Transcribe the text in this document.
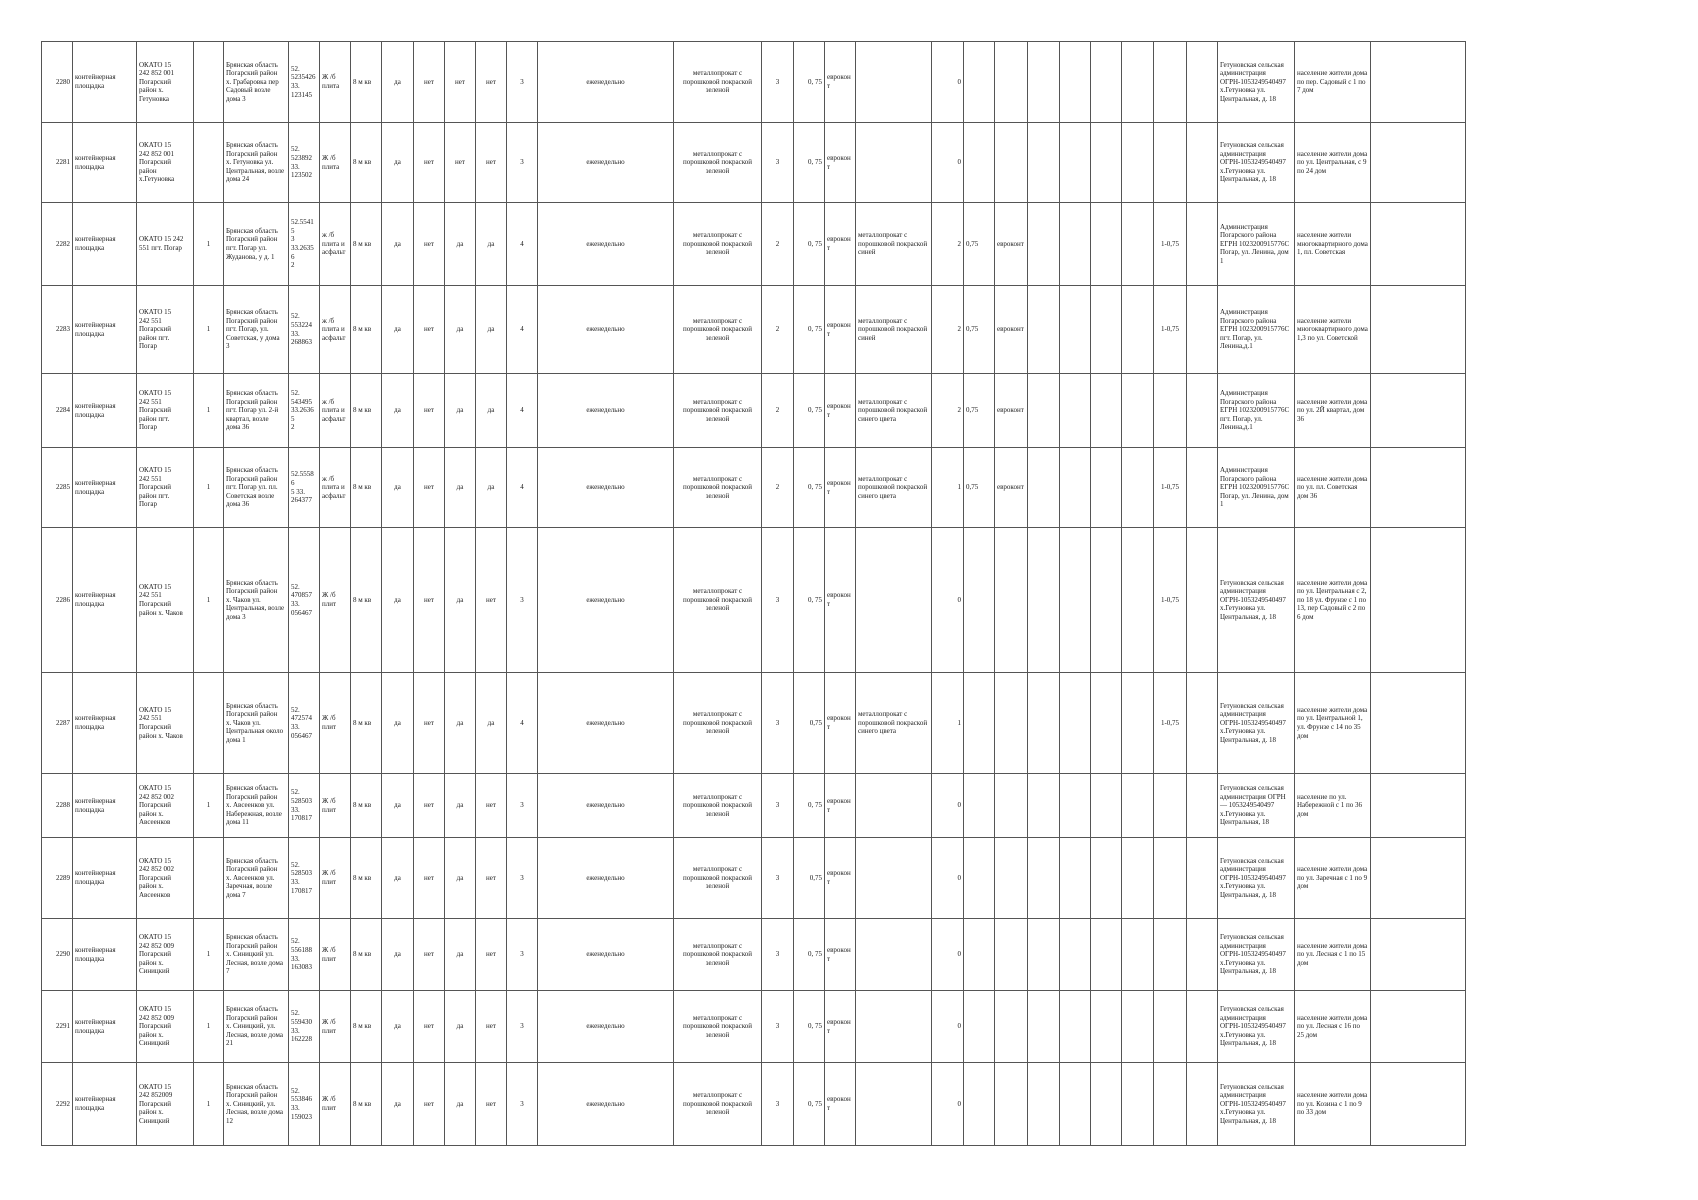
2280	контейнерная площадка	ОКАТО 15
242 852 001
Погарский
район х.
Гетуновка		Брянская область
Погарский район
х. Грабаровка пер
Садовый возле
дома 3	52.
5235426
33.
123145	Ж /б
плита	8 м кв	да	нет	нет	нет	3	еженедельно	металлопрокат с порошковой покраской зеленой	3	0, 75	евроконт		0									Гетуновская сельская администрация ОГРН-1053249540497 х.Гетуновка ул. Центральная, д. 18	население жители дома по пер. Садовый с 1 по 7 дом	
2281	контейнерная площадка	ОКАТО 15
242 852 001
Погарский
район
х.Гетуновка		Брянская область
Погарский район
х. Гетуновка ул.
Центральная, возле
дома 24	52.
523892
33.
123502	Ж /б
плита	8 м кв	да	нет	нет	нет	3	еженедельно	металлопрокат с порошковой покраской зеленой	3	0, 75	евроконт		0									Гетуновская сельская администрация ОГРН-1053249540497 х.Гетуновка ул. Центральная, д. 18	население жители дома по ул. Центральная, с 9 по 24 дом	
2282	контейнерная площадка	ОКАТО 15 242
551 пгт. Погар	1	Брянская область
Погарский район
пгт. Погар ул.
Жуданова, у д. 1	52.55415
3
33.26356
2	ж /б
плита и
асфальт	8 м кв	да	нет	да	да	4	еженедельно	металлопрокат с порошковой покраской зеленой	2	0, 75	евроконт	металлопрокат с порошковой покраской синей	2	0,75	евроконт					1-0,75		Администрация Погарского района ЕГРН 1023200915776С Погар, ул. Ленина, дом 1	население жители многоквартирного дома 1, пл. Советская	
2283	контейнерная площадка	ОКАТО 15
242 551
Погарский
район пгт.
Погар	1	Брянская область
Погарский район
пгт. Погар, ул.
Советская, у дома
3	52.
553224
33.
268863	ж /б
плита и
асфальт	8 м кв	да	нет	да	да	4	еженедельно	металлопрокат с порошковой покраской зеленой	2	0, 75	евроконт	металлопрокат с порошковой покраской синей	2	0,75	евроконт					1-0,75		Администрация Погарского района ЕГРН 1023200915776С пгт. Погар, ул. Ленина,д.1	население жители многоквартирного дома 1,3 по ул. Советской	
2284	контейнерная площадка	ОКАТО 15
242 551
Погарский
район пгт.
Погар	1	Брянская область
Погарский район
пгт. Погар ул. 2-й
квартал, возле
дома 36	52.
543495
33.26365
2	ж /б
плита и
асфальт	8 м кв	да	нет	да	да	4	еженедельно	металлопрокат с порошковой покраской зеленой	2	0, 75	евроконт	металлопрокат с порошковой покраской синего цвета	2	0,75	евроконт							Администрация Погарского района ЕГРН 1023200915776С пгт. Погар, ул. Ленина,д.1	население жители дома по ул. 2Й квартал, дом 36	
2285	контейнерная площадка	ОКАТО 15
242 551
Погарский
район пгт.
Погар	1	Брянская область
Погарский район
пгт. Погар ул. пл.
Советская возле
дома 36	52.55586
5 33.
264377	ж /б
плита и
асфальт	8 м кв	да	нет	да	да	4	еженедельно	металлопрокат с порошковой покраской зеленой	2	0, 75	евроконт	металлопрокат с порошковой покраской синего цвета	1	0,75	евроконт					1-0,75		Администрация Погарского района ЕГРН 1023200915776С Погар, ул. Ленина, дом 1	население жители дома по ул. пл. Советская дом 36	
2286	контейнерная площадка	ОКАТО 15
242 551
Погарский
район х. Чаков	1	Брянская область
Погарский район
х. Чаков ул.
Центральная, возле
дома 3	52.
470857
33.
056467	Ж /б плит	8 м кв	да	нет	да	нет	3	еженедельно	металлопрокат с порошковой покраской зеленой	3	0, 75	евроконт		0							1-0,75		Гетуновская сельская администрация ОГРН-1053249540497 х.Гетуновка ул. Центральная, д. 18	население жители дома по ул. Центральная с 2, по 18 ул. Фрунзе с 1 по 13, пер Садовый с 2 по 6 дом	
2287	контейнерная площадка	ОКАТО 15
242 551
Погарский
район х. Чаков		Брянская область
Погарский район
х. Чаков ул.
Центральная около
дома 1	52.
472574
33.
056467	Ж /б плит	8 м кв	да	нет	да	да	4	еженедельно	металлопрокат с порошковой покраской зеленой	3	0,75	евроконт	металлопрокат с порошковой покраской синего цвета	1							1-0,75		Гетуновская сельская администрация ОГРН-1053249540497 х.Гетуновка ул. Центральная, д. 18	население жители дома по ул. Центральной 1, ул. Фрунзе с 14 по 35 дом	
2288	контейнерная площадка	ОКАТО 15
242 852 002
Погарский
район х.
Авсеенков	1	Брянская область
Погарский район
х. Авсеенков ул.
Набережная, возле
дома 11	52.
528503
33.
170817	Ж /б плит	8 м кв	да	нет	да	нет	3	еженедельно	металлопрокат с порошковой покраской зеленой	3	0, 75	евроконт		0									Гетуновская сельская администрация ОГРН — 1053249540497 х.Гетуновка ул. Центральная, 18	население по ул. Набережной с 1 по 36 дом	
2289	контейнерная площадка	ОКАТО 15
242 852 002
Погарский
район х.
Авсеенков		Брянская область
Погарский район
х. Авсеенков ул.
Заречная, возле
дома 7	52.
528503
33.
170817	Ж /б плит	8 м кв	да	нет	да	нет	3	еженедельно	металлопрокат с порошковой покраской зеленой	3	0,75	евроконт		0									Гетуновская сельская администрация ОГРН-1053249540497 х.Гетуновка ул. Центральная, д. 18	население жители дома по ул. Заречная с 1 по 9 дом	
2290	контейнерная площадка	ОКАТО 15
242 852 009
Погарский
район х.
Синицкий	1	Брянская область
Погарский район
х. Синицкий ул.
Лесная, возле дома
7	52.
556188
33.
163083	Ж /б плит	8 м кв	да	нет	да	нет	3	еженедельно	металлопрокат с порошковой покраской зеленой	3	0, 75	евроконт		0									Гетуновская сельская администрация ОГРН-1053249540497 х.Гетуновка ул. Центральная, д. 18	население жители дома по ул. Лесная с 1 по 15 дом	
2291	контейнерная площадка	ОКАТО 15
242 852 009
Погарский
район х.
Синицкий	1	Брянская область
Погарский район
х. Синицкий, ул.
Лесная, возле дома
21	52.
559430
33.
162228	Ж /б плит	8 м кв	да	нет	да	нет	3	еженедельно	металлопрокат с порошковой покраской зеленой	3	0, 75	евроконт		0									Гетуновская сельская администрация ОГРН-1053249540497 х.Гетуновка ул. Центральная, д. 18	население жители дома по ул. Лесная с 16 по 25 дом	
2292	контейнерная площадка	ОКАТО 15
242 852009
Погарский
район х.
Синицкий	1	Брянская область
Погарский район
х. Синицкий, ул.
Лесная, возле дома
12	52.
553846
33.
159023	Ж /б плит	8 м кв	да	нет	да	нет	3	еженедельно	металлопрокат с порошковой покраской зеленой	3	0, 75	евроконт		0									Гетуновская сельская администрация ОГРН-1053249540497 х.Гетуновка ул. Центральная, д. 18	население жители дома по ул. Козина с 1 по 9 по 33 дом	
